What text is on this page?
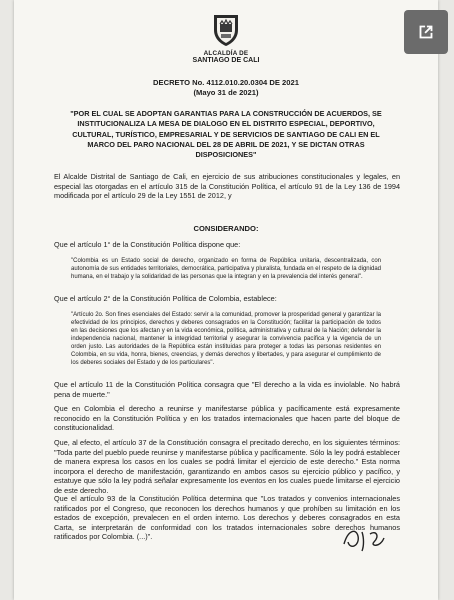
ALCALDÍA DE
SANTIAGO DE CALI
DECRETO No. 4112.010.20.0304 DE 2021
(Mayo 31 de 2021)
"POR EL CUAL SE ADOPTAN GARANTIAS PARA LA CONSTRUCCIÓN DE ACUERDOS, SE INSTITUCIONALIZA LA MESA DE DIALOGO EN EL DISTRITO ESPECIAL, DEPORTIVO, CULTURAL, TURÍSTICO, EMPRESARIAL Y DE SERVICIOS DE SANTIAGO DE CALI EN EL MARCO DEL PARO NACIONAL DEL 28 DE ABRIL DE 2021, Y SE DICTAN OTRAS DISPOSICIONES"
El Alcalde Distrital de Santiago de Cali, en ejercicio de sus atribuciones constitucionales y legales, en especial las otorgadas en el artículo 315 de la Constitución Política, el artículo 91 de la Ley 136 de 1994 modificada por el artículo 29 de la Ley 1551 de 2012, y
CONSIDERANDO:
Que el artículo 1° de la Constitución Política dispone que:
"Colombia es un Estado social de derecho, organizado en forma de República unitaria, descentralizada, con autonomía de sus entidades territoriales, democrática, participativa y pluralista, fundada en el respeto de la dignidad humana, en el trabajo y la solidaridad de las personas que la integran y en la prevalencia del interés general".
Que el artículo 2° de la Constitución Política de Colombia, establece:
"Artículo 2o. Son fines esenciales del Estado: servir a la comunidad, promover la prosperidad general y garantizar la efectividad de los principios, derechos y deberes consagrados en la Constitución; facilitar la participación de todos en las decisiones que los afectan y en la vida económica, política, administrativa y cultural de la Nación; defender la independencia nacional, mantener la integridad territorial y asegurar la convivencia pacífica y la vigencia de un orden justo. Las autoridades de la República están instituidas para proteger a todas las personas residentes en Colombia, en su vida, honra, bienes, creencias, y demás derechos y libertades, y para asegurar el cumplimiento de los deberes sociales del Estado y de los particulares".
Que el artículo 11 de la Constitución Política consagra que "El derecho a la vida es inviolable. No habrá pena de muerte."
Que en Colombia el derecho a reunirse y manifestarse pública y pacíficamente está expresamente reconocido en la Constitución Política y en los tratados internacionales que hacen parte del bloque de constitucionalidad.
Que, al efecto, el artículo 37 de la Constitución consagra el precitado derecho, en los siguientes términos: "Toda parte del pueblo puede reunirse y manifestarse pública y pacíficamente. Sólo la ley podrá establecer de manera expresa los casos en los cuales se podrá limitar el ejercicio de este derecho." Esta norma incorpora el derecho de manifestación, garantizando en ambos casos su ejercicio público y pacífico, y estatuye que sólo la ley podrá señalar expresamente los eventos en los cuales puede limitarse el ejercicio de este derecho.
Que el artículo 93 de la Constitución Política determina que "Los tratados y convenios internacionales ratificados por el Congreso, que reconocen los derechos humanos y que prohíben su limitación en los estados de excepción, prevalecen en el orden interno. Los derechos y deberes consagrados en esta Carta, se interpretarán de conformidad con los tratados internacionales sobre derechos humanos ratificados por Colombia. (...)".
